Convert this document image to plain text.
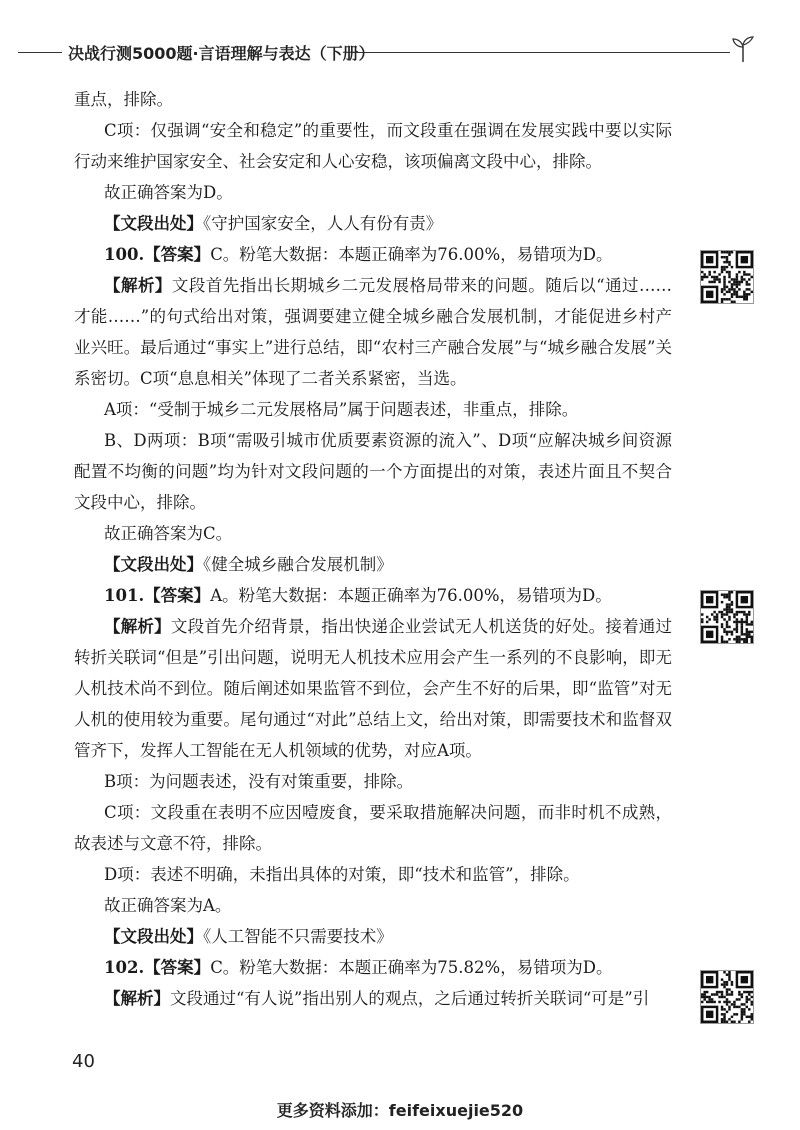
决战行测5000题·言语理解与表达（下册）

重点，排除。

C项：仅强调“安全和稳定”的重要性，而文段重在强调在发展实践中要以实际行动来维护国家安全、社会安定和人心安稳，该项偏离文段中心，排除。

故正确答案为D。

【文段出处】《守护国家安全，人人有份有责》

100.【答案】C。粉笔大数据：本题正确率为76.00%，易错项为D。

【解析】文段首先指出长期城乡二元发展格局带来的问题。随后以“通过……才能……”的句式给出对策，强调要建立健全城乡融合发展机制，才能促进乡村产业兴旺。最后通过“事实上”进行总结，即“农村三产融合发展”与“城乡融合发展”关系密切。C项“息息相关”体现了二者关系紧密，当选。

A项：“受制于城乡二元发展格局”属于问题表述，非重点，排除。

B、D两项：B项“需吸引城市优质要素资源的流入”、D项“应解决城乡间资源配置不均衡的问题”均为针对文段问题的一个方面提出的对策，表述片面且不契合文段中心，排除。

故正确答案为C。

【文段出处】《健全城乡融合发展机制》

101.【答案】A。粉笔大数据：本题正确率为76.00%，易错项为D。

【解析】文段首先介绍背景，指出快递企业尝试无人机送货的好处。接着通过转折关联词“但是”引出问题，说明无人机技术应用会产生一系列的不良影响，即无人机技术尚不到位。随后阐述如果监管不到位，会产生不好的后果，即“监管”对无人机的使用较为重要。尾句通过“对此”总结上文，给出对策，即需要技术和监督双管齐下，发挥人工智能在无人机领域的优势，对应A项。

B项：为问题表述，没有对策重要，排除。

C项：文段重在表明不应因噎废食，要采取措施解决问题，而非时机不成熟，故表述与文意不符，排除。

D项：表述不明确，未指出具体的对策，即“技术和监管”，排除。

故正确答案为A。

【文段出处】《人工智能不只需要技术》

102.【答案】C。粉笔大数据：本题正确率为75.82%，易错项为D。

【解析】文段通过“有人说”指出别人的观点，之后通过转折关联词“可是”引

40
更多资料添加：feifeixuejie520
